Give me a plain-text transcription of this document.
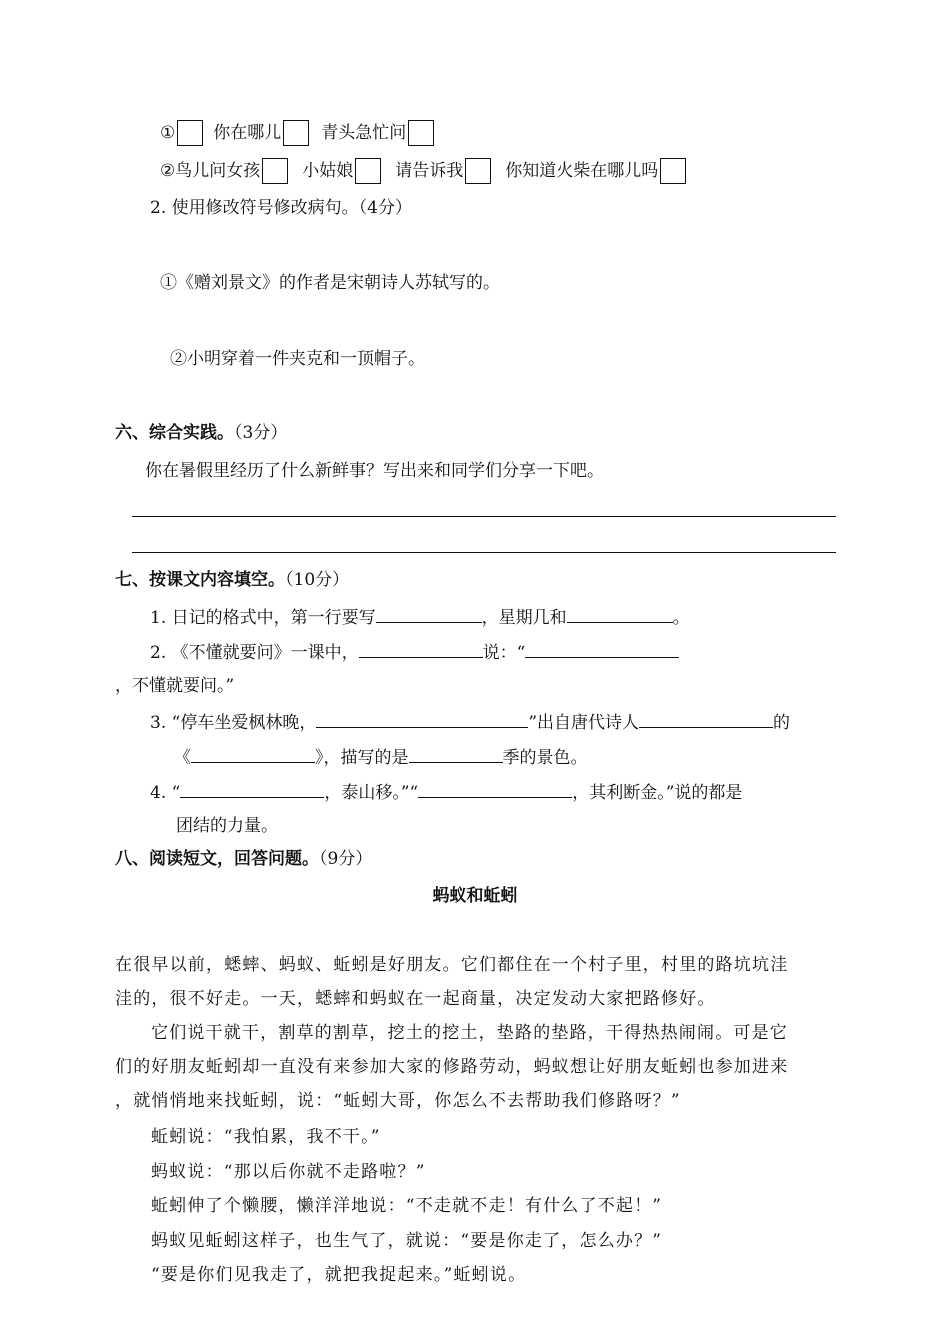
① 你在哪儿 青头急忙问
② 鸟儿问女孩 小姑娘 请告诉我 你知道火柴在哪儿吗
2. 使用修改符号修改病句。（4分）
①《赠刘景文》的作者是宋朝诗人苏轼写的。
②小明穿着一件夹克和一顶帽子。
六、综合实践。（3分）
你在暑假里经历了什么新鲜事？写出来和同学们分享一下吧。
七、按课文内容填空。（10分）
1. 日记的格式中，第一行要写	，星期几和	。
2. 《不懂就要问》一课中，	说：“
，不懂就要问。”
3. “停车坐爱枫林晚，	”出自唐代诗人	的
《	》，描写的是	季的景色。
4. “	，泰山移。”“	，其利断金。”说的都是
团结的力量。
八、阅读短文，回答问题。（9分）
蚂蚁和蚯蚓
在很早以前，蟋蟀、蚂蚁、蚯蚓是好朋友。它们都住在一个村子里，村里的路坑坑洼
洼的，很不好走。一天，蟋蟀和蚂蚁在一起商量，决定发动大家把路修好。
它们说干就干，割草的割草，挖土的挖土，垫路的垫路，干得热热闹闹。可是它
们的好朋友蚯蚓却一直没有来参加大家的修路劳动，蚂蚁想让好朋友蚯蚓也参加进来
，就悄悄地来找蚯蚓，说：“蚯蚓大哥，你怎么不去帮助我们修路呀？”
蚯蚓说：“我怕累，我不干。”
蚂蚁说：“那以后你就不走路啦？”
蚯蚓伸了个懒腰，懒洋洋地说：“不走就不走！有什么了不起！”
蚂蚁见蚯蚓这样子，也生气了，就说：“要是你走了，怎么办？”
“要是你们见我走了，就把我捉起来。”蚯蚓说。
